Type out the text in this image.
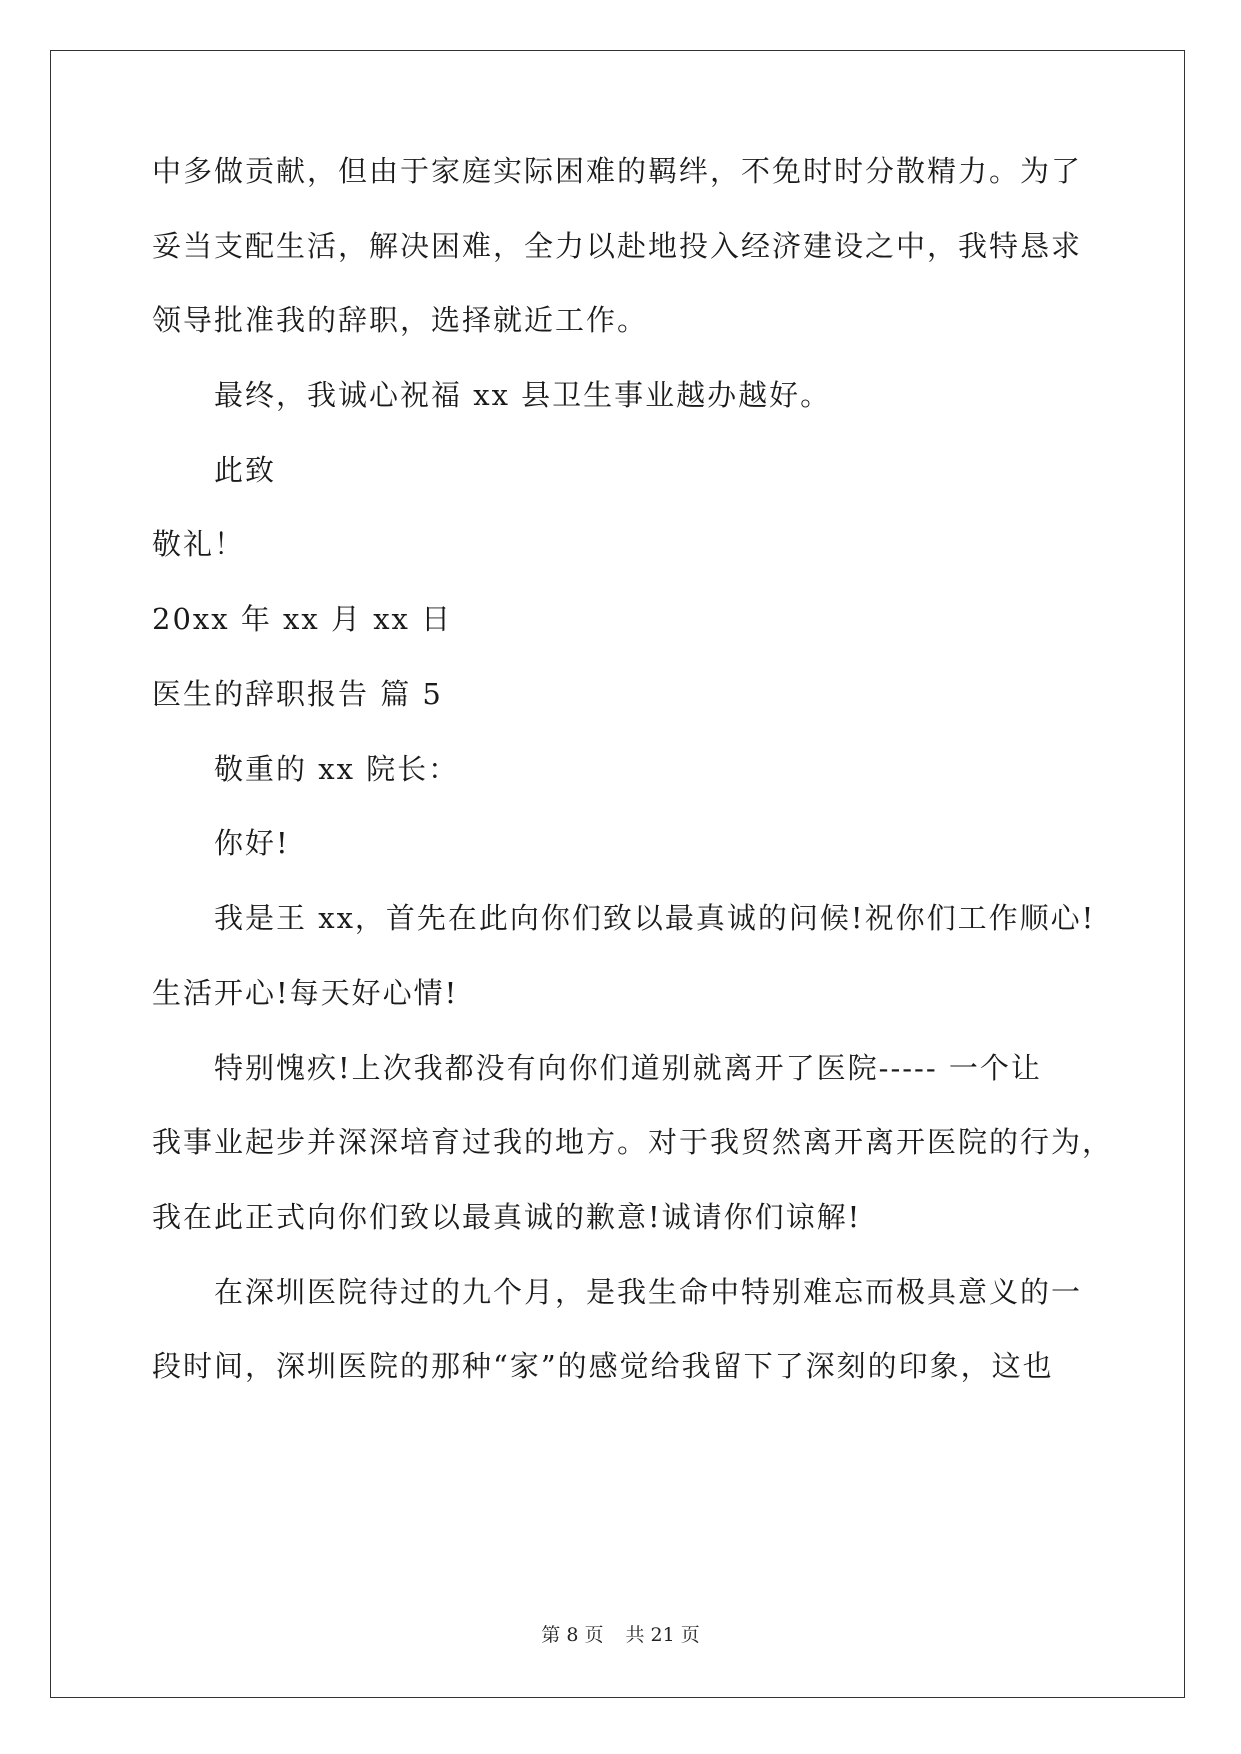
中多做贡献，但由于家庭实际困难的羁绊，不免时时分散精力。为了
妥当支配生活，解决困难，全力以赴地投入经济建设之中，我特恳求
领导批准我的辞职，选择就近工作。
最终，我诚心祝福 xx 县卫生事业越办越好。
此致
敬礼！
20xx 年 xx 月 xx 日
医生的辞职报告 篇 5
敬重的 xx 院长：
你好!
我是王 xx，首先在此向你们致以最真诚的问候!祝你们工作顺心!
生活开心!每天好心情!
特别愧疚!上次我都没有向你们道别就离开了医院----- 一个让
我事业起步并深深培育过我的地方。对于我贸然离开离开医院的行为，
我在此正式向你们致以最真诚的歉意!诚请你们谅解!
在深圳医院待过的九个月，是我生命中特别难忘而极具意义的一
段时间，深圳医院的那种“家”的感觉给我留下了深刻的印象，这也
第 8 页 共 21 页
